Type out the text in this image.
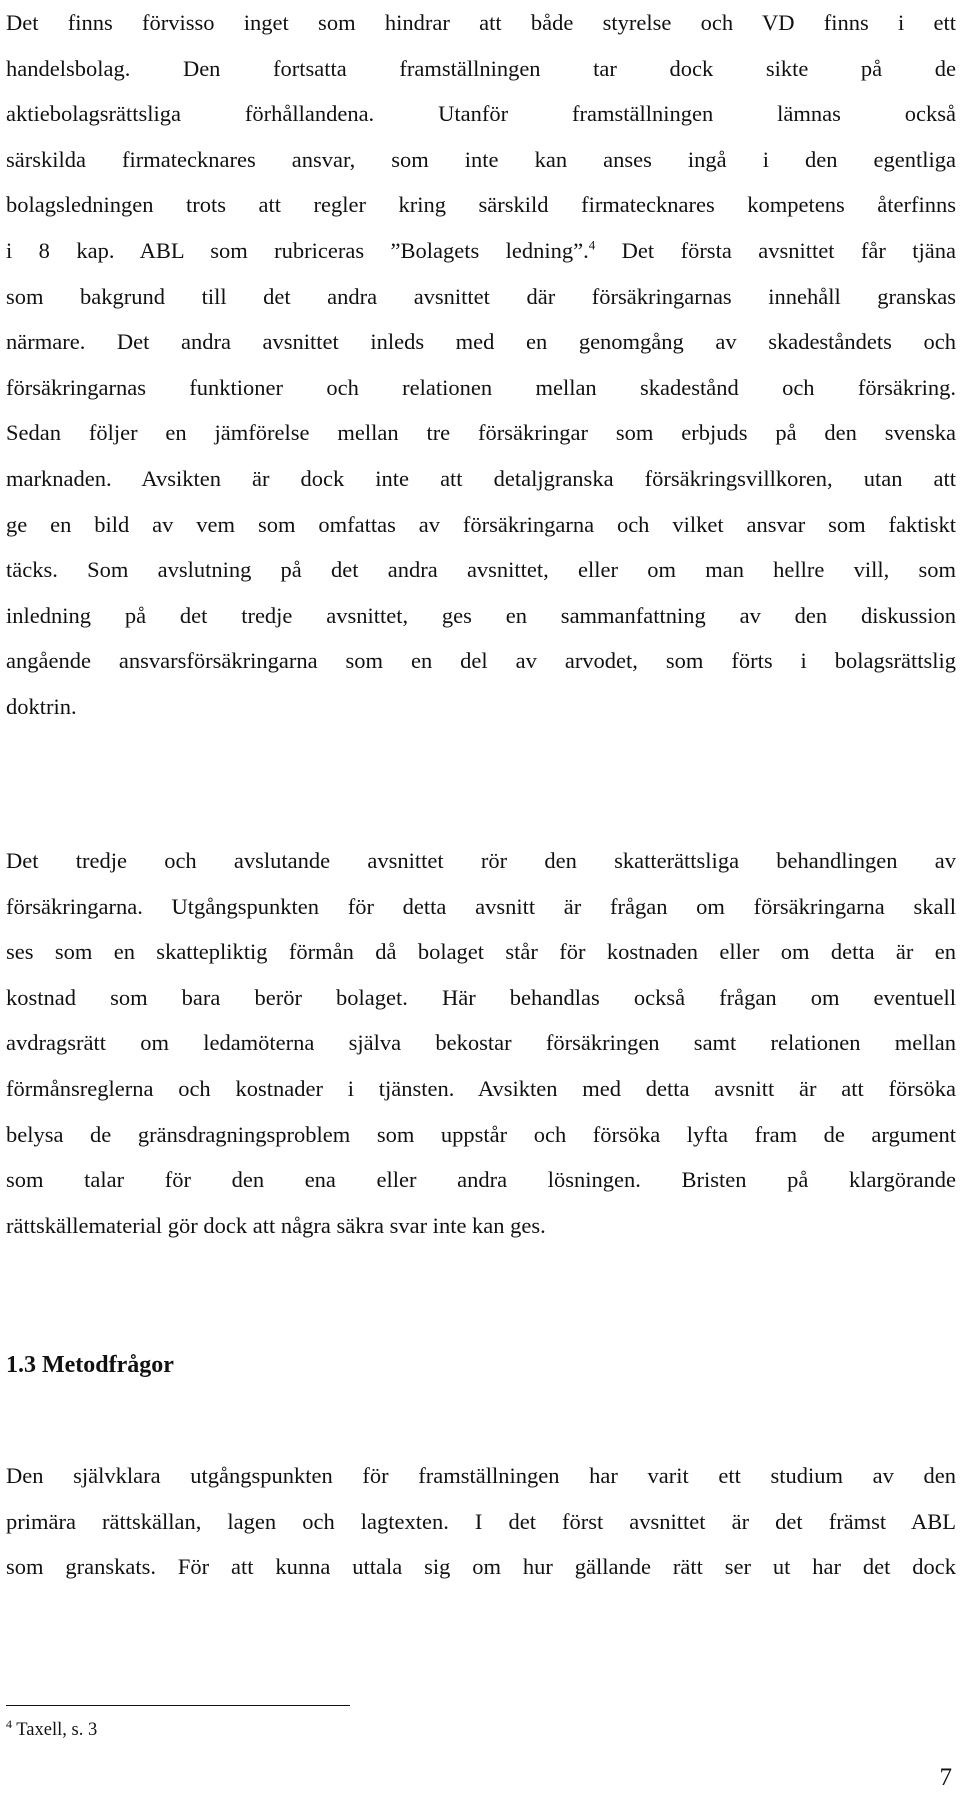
Det finns förvisso inget som hindrar att både styrelse och VD finns i ett
handelsbolag. Den fortsatta framställningen tar dock sikte på de
aktiebolagsrättsliga förhållandena. Utanför framställningen lämnas också
särskilda firmatecknares ansvar, som inte kan anses ingå i den egentliga
bolagsledningen trots att regler kring särskild firmatecknares kompetens återfinns
i 8 kap. ABL som rubriceras ”Bolagets ledning”.$^4$ Det första avsnittet får tjäna
som bakgrund till det andra avsnittet där försäkringarnas innehåll granskas
närmare. Det andra avsnittet inleds med en genomgång av skadeståndets och
försäkringarnas funktioner och relationen mellan skadestånd och försäkring.
Sedan följer en jämförelse mellan tre försäkringar som erbjuds på den svenska
marknaden. Avsikten är dock inte att detaljgranska försäkringsvillkoren, utan att
ge en bild av vem som omfattas av försäkringarna och vilket ansvar som faktiskt
täcks. Som avslutning på det andra avsnittet, eller om man hellre vill, som
inledning på det tredje avsnittet, ges en sammanfattning av den diskussion
angående ansvarsförsäkringarna som en del av arvodet, som förts i bolagsrättslig
doktrin.
Det tredje och avslutande avsnittet rör den skatterättsliga behandlingen av
försäkringarna. Utgångspunkten för detta avsnitt är frågan om försäkringarna skall
ses som en skattepliktig förmån då bolaget står för kostnaden eller om detta är en
kostnad som bara berör bolaget. Här behandlas också frågan om eventuell
avdragsrätt om ledamöterna själva bekostar försäkringen samt relationen mellan
förmånsreglerna och kostnader i tjänsten. Avsikten med detta avsnitt är att försöka
belysa de gränsdragningsproblem som uppstår och försöka lyfta fram de argument
som talar för den ena eller andra lösningen. Bristen på klargörande
rättskällematerial gör dock att några säkra svar inte kan ges.
1.3 Metodfrågor
Den självklara utgångspunkten för framställningen har varit ett studium av den
primära rättskällan, lagen och lagtexten. I det först avsnittet är det främst ABL
som granskats. För att kunna uttala sig om hur gällande rätt ser ut har det dock

$^4$ Taxell, s. 3

7
